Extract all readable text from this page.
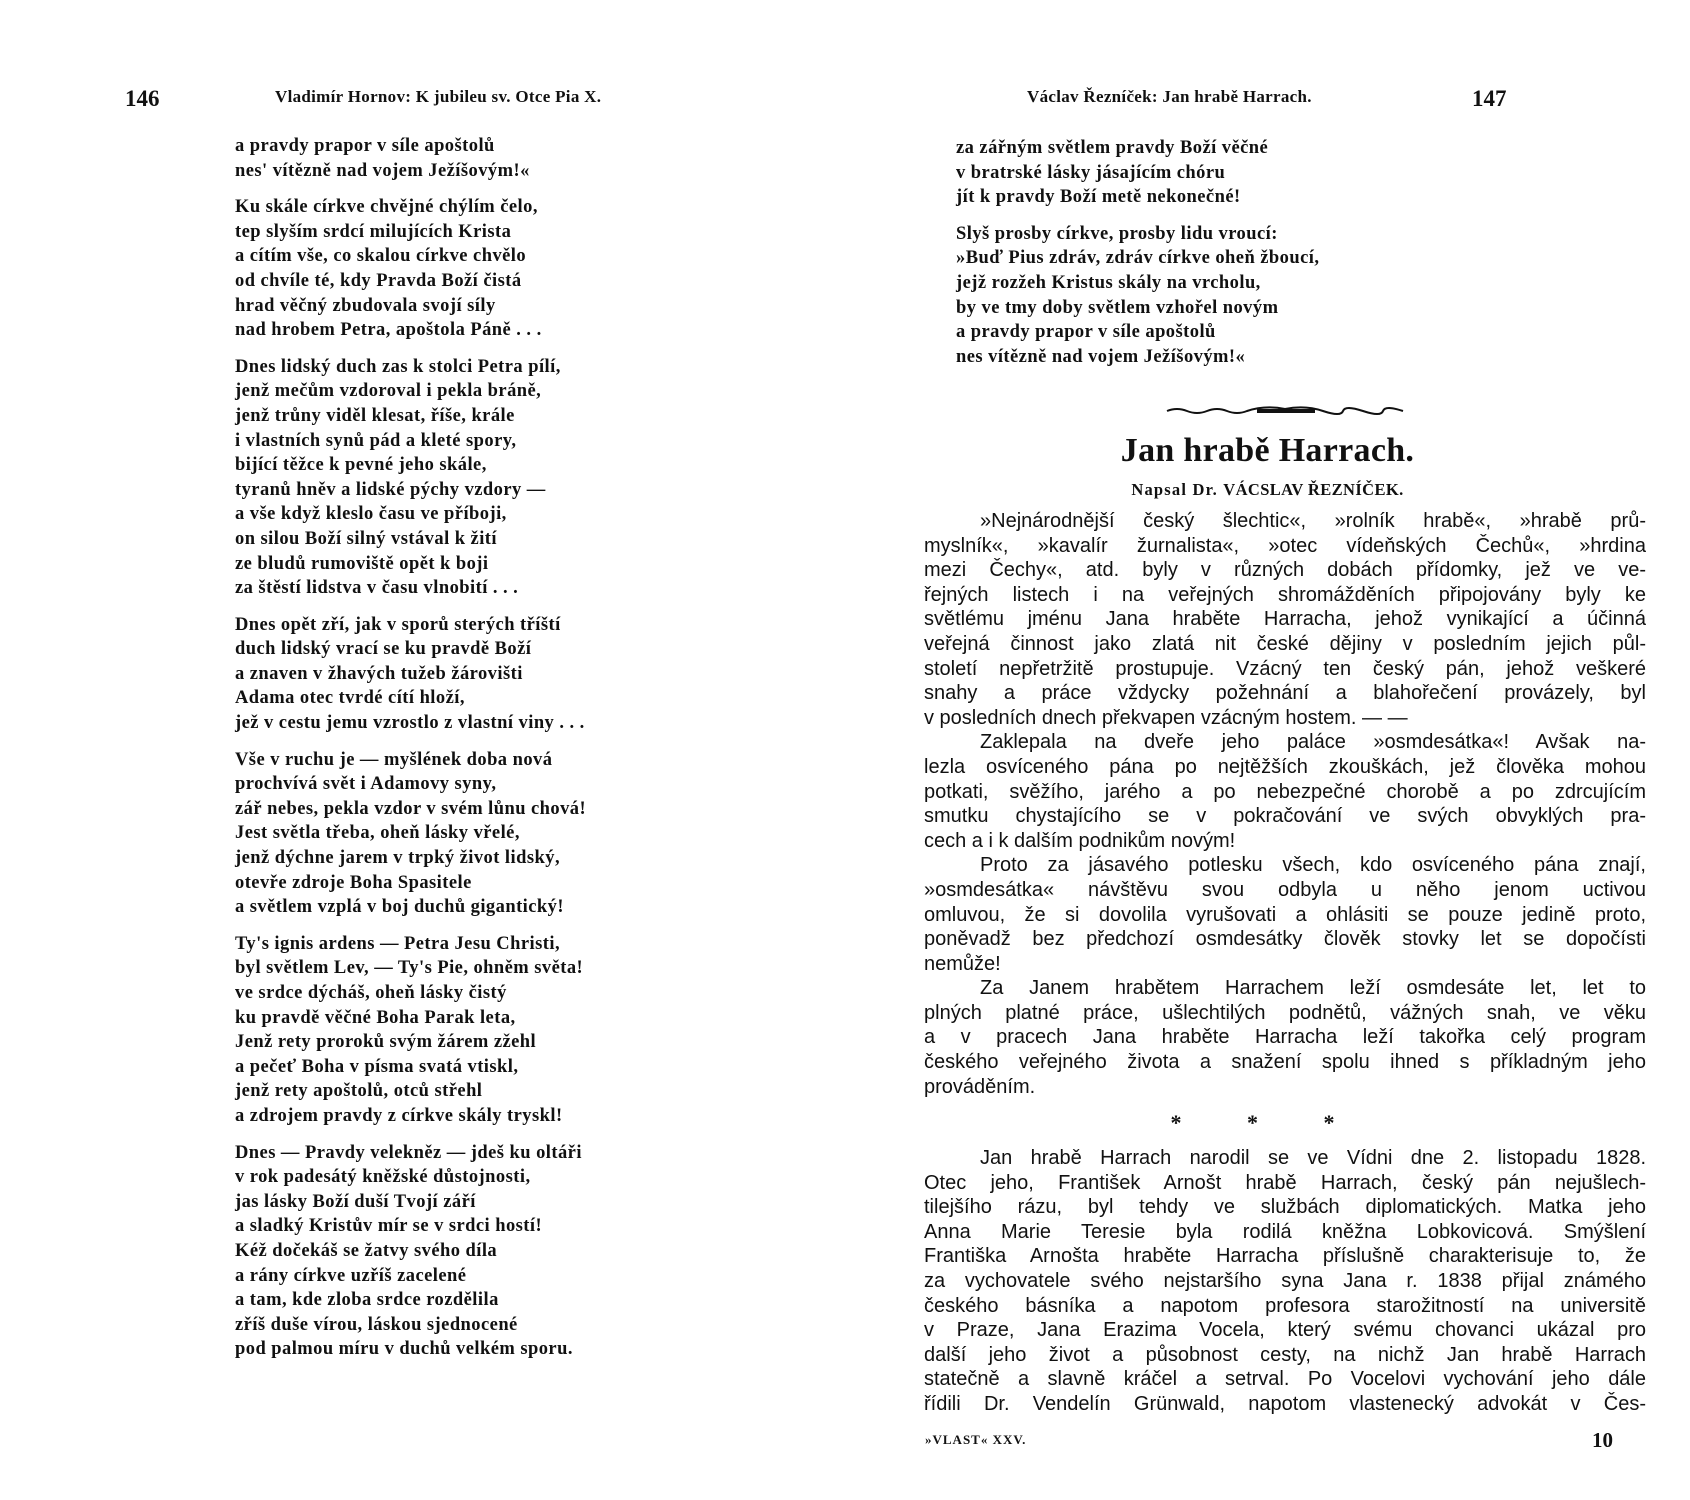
146	Vladimír Hornov: K jubileu sv. Otce Pia X.
a pravdy prapor v síle apoštolů
nes' vítězně nad vojem Ježíšovým!«
Ku skále církve chvějné chýlím čelo,
tep slyším srdcí milujících Krista
a cítím vše, co skalou církve chvělo
od chvíle té, kdy Pravda Boží čistá
hrad věčný zbudovala svojí síly
nad hrobem Petra, apoštola Páně . . .
Dnes lidský duch zas k stolci Petra pílí,
jenž mečům vzdoroval i pekla bráně,
jenž trůny viděl klesat, říše, krále
i vlastních synů pád a kleté spory,
bijící těžce k pevné jeho skále,
tyranů hněv a lidské pýchy vzdory —
a vše když kleslo času ve příboji,
on silou Boží silný vstával k žití
ze bludů rumoviště opět k boji
za štěstí lidstva v času vlnobití . . .
Dnes opět zří, jak v sporů sterých tříští
duch lidský vrací se ku pravdě Boží
a znaven v žhavých tužeb žárovišti
Adama otec tvrdé cítí hloží,
jež v cestu jemu vzrostlo z vlastní viny . . .
Vše v ruchu je — myšlének doba nová
prochvívá svět i Adamovy syny,
zář nebes, pekla vzdor v svém lůnu chová!
Jest světla třeba, oheň lásky vřelé,
jenž dýchne jarem v trpký život lidský,
otevře zdroje Boha Spasitele
a světlem vzplá v boj duchů gigantický!
Ty's ignis ardens — Petra Jesu Christi,
byl světlem Lev, — Ty's Pie, ohněm světa!
ve srdce dýcháš, oheň lásky čistý
ku pravdě věčné Boha Parak leta,
Jenž rety proroků svým žárem zžehl
a pečeť Boha v písma svatá vtiskl,
jenž rety apoštolů, otců střehl
a zdrojem pravdy z církve skály tryskl!
Dnes — Pravdy velekněz — jdeš ku oltáři
v rok padesátý kněžské důstojnosti,
jas lásky Boží duší Tvojí září
a sladký Kristův mír se v srdci hostí!
Kéž dočekáš se žatvy svého díla
a rány církve uzříš zacelené
a tam, kde zloba srdce rozdělila
zříš duše vírou, láskou sjednocené
pod palmou míru v duchů velkém sporu.
Václav Řezníček: Jan hrabě Harrach.	147
za zářným světlem pravdy Boží věčné
v bratrské lásky jásajícím chóru
jít k pravdy Boží metě nekonečné!
Slyš prosby církve, prosby lidu vroucí:
»Buď Pius zdráv, zdráv církve oheň žboucí,
jejž rozžeh Kristus skály na vrcholu,
by ve tmy doby světlem vzhořel novým
a pravdy prapor v síle apoštolů
nes vítězně nad vojem Ježíšovým!«
Jan hrabě Harrach.
Napsal Dr. VÁCSLAV ŘEZNÍČEK.
»Nejnárodnější český šlechtic«, »rolník hrabě«, »hrabě prů-
myslník«, »kavalír žurnalista«, »otec vídeňských Čechů«, »hrdina
mezi Čechy«, atd. byly v různých dobách přídomky, jež ve ve-
řejných listech i na veřejných shromážděních připojovány byly ke
světlému jménu Jana hraběte Harracha, jehož vynikající a účinná
veřejná činnost jako zlatá nit české dějiny v posledním jejich půl-
století nepřetržitě prostupuje. Vzácný ten český pán, jehož veškeré
snahy a práce vždycky požehnání a blahořečení provázely, byl
v posledních dnech překvapen vzácným hostem. — —
Zaklepala na dveře jeho paláce »osmdesátka«! Avšak na-
lezla osvíceného pána po nejtěžších zkouškách, jež člověka mohou
potkati, svěžího, jarého a po nebezpečné chorobě a po zdrcujícím
smutku chystajícího se v pokračování ve svých obvyklých pra-
cech a i k dalším podnikům novým!
Proto za jásavého potlesku všech, kdo osvíceného pána znají,
»osmdesátka« návštěvu svou odbyla u něho jenom uctivou
omluvou, že si dovolila vyrušovati a ohlásiti se pouze jedině proto,
poněvadž bez předchozí osmdesátky člověk stovky let se dopočísti
nemůže!
Za Janem hrabětem Harrachem leží osmdesáte let, let to
plných platné práce, ušlechtilých podnětů, vážných snah, ve věku
a v pracech Jana hraběte Harracha leží takořka celý program
českého veřejného života a snažení spolu ihned s příkladným jeho
prováděním.
* * *
Jan hrabě Harrach narodil se ve Vídni dne 2. listopadu 1828.
Otec jeho, František Arnošt hrabě Harrach, český pán nejušlech-
tilejšího rázu, byl tehdy ve službách diplomatických. Matka jeho
Anna Marie Teresie byla rodilá kněžna Lobkovicová. Smýšlení
Františka Arnošta hraběte Harracha příslušně charakterisuje to, že
za vychovatele svého nejstaršího syna Jana r. 1838 přijal známého
českého básníka a napotom profesora starožitností na universitě
v Praze, Jana Erazima Vocela, který svému chovanci ukázal pro
další jeho život a působnost cesty, na nichž Jan hrabě Harrach
statečně a slavně kráčel a setrval. Po Vocelovi vychování jeho dále
řídili Dr. Vendelín Grünwald, napotom vlastenecký advokát v Čes-
»VLAST« XXV.	10
